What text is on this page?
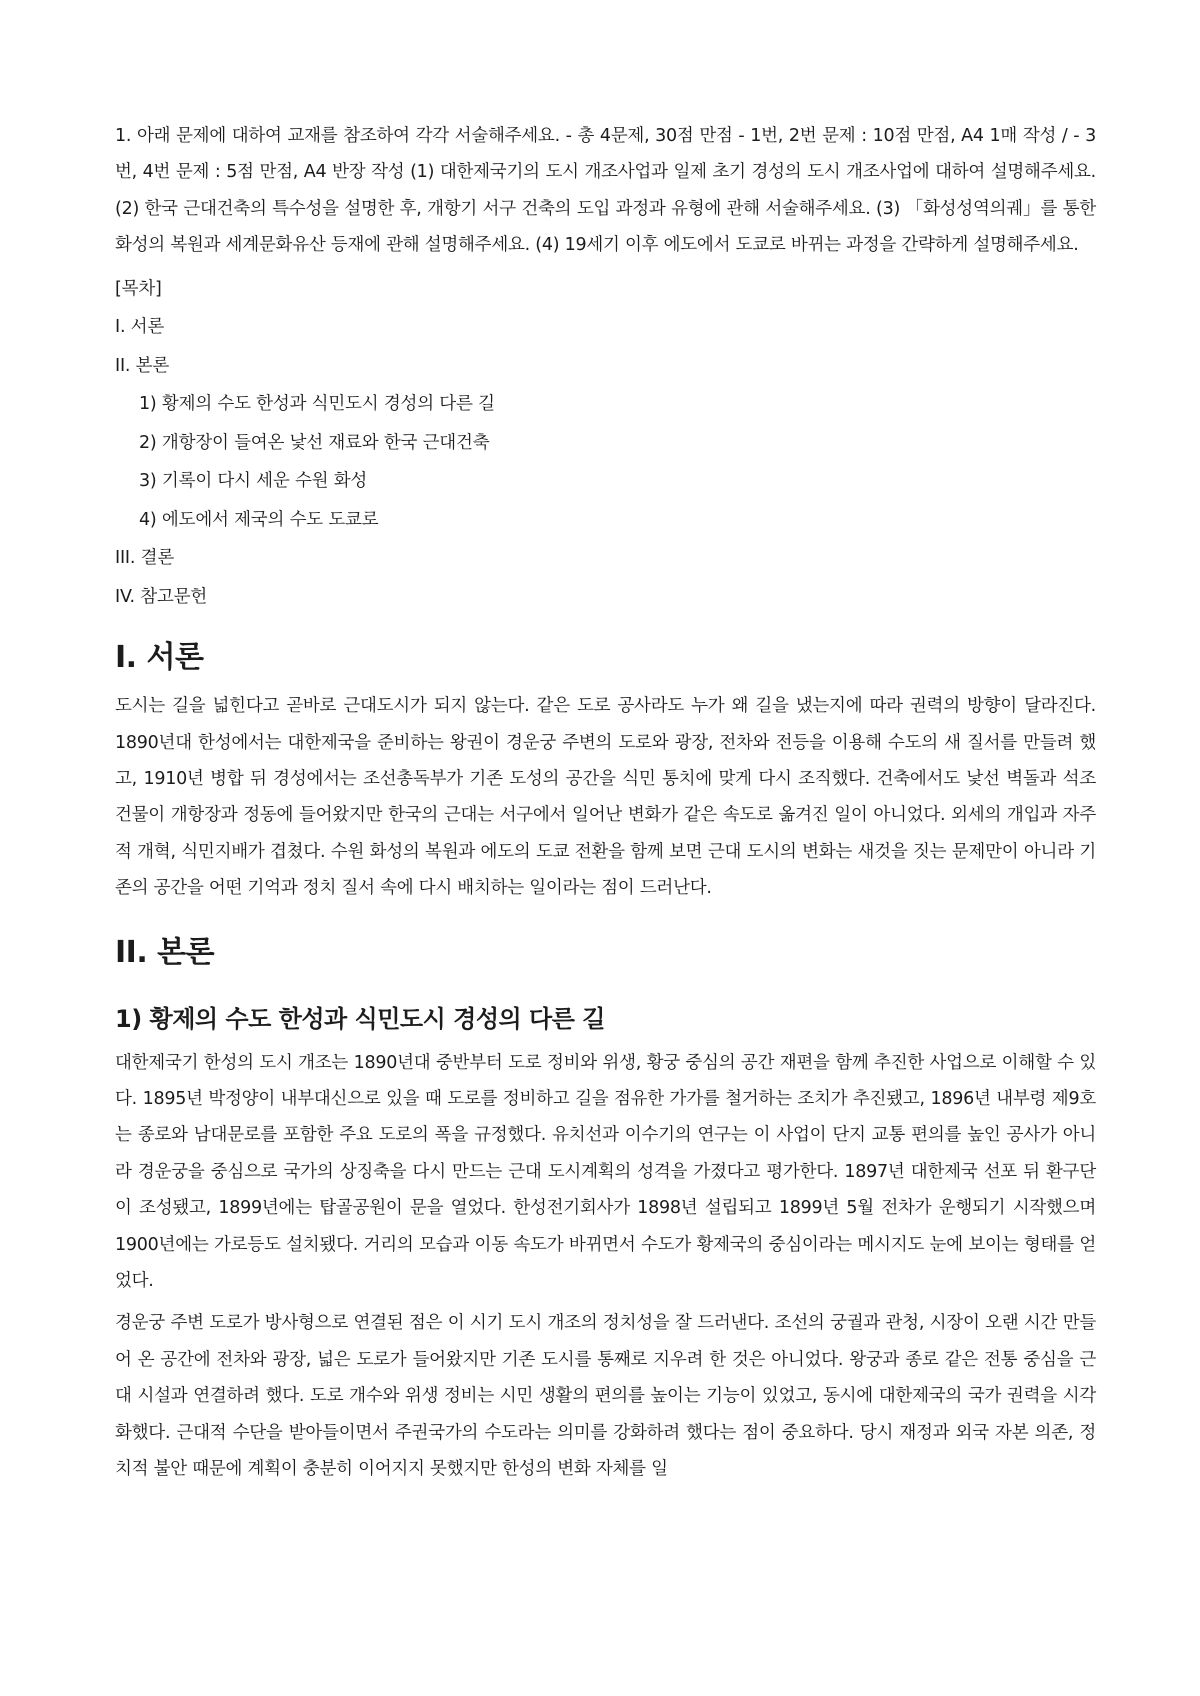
1. 아래 문제에 대하여 교재를 참조하여 각각 서술해주세요. - 총 4문제, 30점 만점 - 1번, 2번 문제 : 10점 만점, A4 1매 작성 / - 3번, 4번 문제 : 5점 만점, A4 반장 작성 (1) 대한제국기의 도시 개조사업과 일제 초기 경성의 도시 개조사업에 대하여 설명해주세요. (2) 한국 근대건축의 특수성을 설명한 후, 개항기 서구 건축의 도입 과정과 유형에 관해 서술해주세요. (3) 「화성성역의궤」를 통한 화성의 복원과 세계문화유산 등재에 관해 설명해주세요. (4) 19세기 이후 에도에서 도쿄로 바뀌는 과정을 간략하게 설명해주세요.

[목차]
I. 서론
II. 본론
1) 황제의 수도 한성과 식민도시 경성의 다른 길
2) 개항장이 들여온 낯선 재료와 한국 근대건축
3) 기록이 다시 세운 수원 화성
4) 에도에서 제국의 수도 도쿄로
III. 결론
IV. 참고문헌
I. 서론

도시는 길을 넓힌다고 곧바로 근대도시가 되지 않는다. 같은 도로 공사라도 누가 왜 길을 냈는지에 따라 권력의 방향이 달라진다. 1890년대 한성에서는 대한제국을 준비하는 왕권이 경운궁 주변의 도로와 광장, 전차와 전등을 이용해 수도의 새 질서를 만들려 했고, 1910년 병합 뒤 경성에서는 조선총독부가 기존 도성의 공간을 식민 통치에 맞게 다시 조직했다. 건축에서도 낯선 벽돌과 석조 건물이 개항장과 정동에 들어왔지만 한국의 근대는 서구에서 일어난 변화가 같은 속도로 옮겨진 일이 아니었다. 외세의 개입과 자주적 개혁, 식민지배가 겹쳤다. 수원 화성의 복원과 에도의 도쿄 전환을 함께 보면 근대 도시의 변화는 새것을 짓는 문제만이 아니라 기존의 공간을 어떤 기억과 정치 질서 속에 다시 배치하는 일이라는 점이 드러난다.

II. 본론
1) 황제의 수도 한성과 식민도시 경성의 다른 길

대한제국기 한성의 도시 개조는 1890년대 중반부터 도로 정비와 위생, 황궁 중심의 공간 재편을 함께 추진한 사업으로 이해할 수 있다. 1895년 박정양이 내부대신으로 있을 때 도로를 정비하고 길을 점유한 가가를 철거하는 조치가 추진됐고, 1896년 내부령 제9호는 종로와 남대문로를 포함한 주요 도로의 폭을 규정했다. 유치선과 이수기의 연구는 이 사업이 단지 교통 편의를 높인 공사가 아니라 경운궁을 중심으로 국가의 상징축을 다시 만드는 근대 도시계획의 성격을 가졌다고 평가한다. 1897년 대한제국 선포 뒤 환구단이 조성됐고, 1899년에는 탑골공원이 문을 열었다. 한성전기회사가 1898년 설립되고 1899년 5월 전차가 운행되기 시작했으며 1900년에는 가로등도 설치됐다. 거리의 모습과 이동 속도가 바뀌면서 수도가 황제국의 중심이라는 메시지도 눈에 보이는 형태를 얻었다.

경운궁 주변 도로가 방사형으로 연결된 점은 이 시기 도시 개조의 정치성을 잘 드러낸다. 조선의 궁궐과 관청, 시장이 오랜 시간 만들어 온 공간에 전차와 광장, 넓은 도로가 들어왔지만 기존 도시를 통째로 지우려 한 것은 아니었다. 왕궁과 종로 같은 전통 중심을 근대 시설과 연결하려 했다. 도로 개수와 위생 정비는 시민 생활의 편의를 높이는 기능이 있었고, 동시에 대한제국의 국가 권력을 시각화했다. 근대적 수단을 받아들이면서 주권국가의 수도라는 의미를 강화하려 했다는 점이 중요하다. 당시 재정과 외국 자본 의존, 정치적 불안 때문에 계획이 충분히 이어지지 못했지만 한성의 변화 자체를 일
